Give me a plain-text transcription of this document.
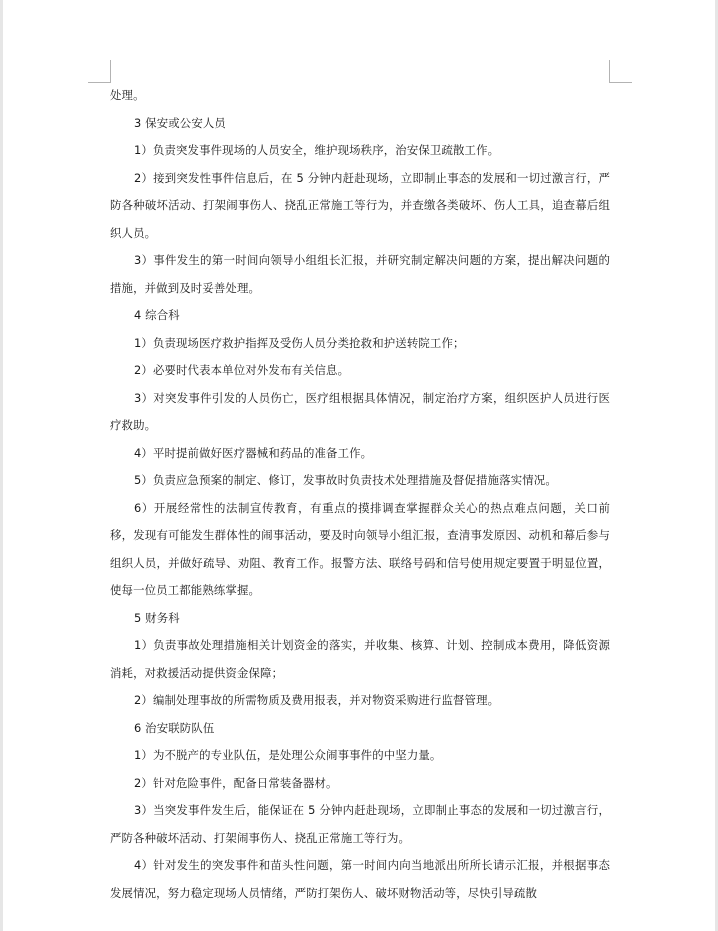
处理。

3 保安或公安人员

1）负责突发事件现场的人员安全，维护现场秩序，治安保卫疏散工作。

2）接到突发性事件信息后，在 5 分钟内赶赴现场，立即制止事态的发展和一切过激言行，严防各种破坏活动、打架闹事伤人、挠乱正常施工等行为，并查缴各类破坏、伤人工具，追查幕后组织人员。

3）事件发生的第一时间向领导小组组长汇报，并研究制定解决问题的方案，提出解决问题的措施，并做到及时妥善处理。

4 综合科

1）负责现场医疗救护指挥及受伤人员分类抢救和护送转院工作；

2）必要时代表本单位对外发布有关信息。

3）对突发事件引发的人员伤亡，医疗组根据具体情况，制定治疗方案，组织医护人员进行医疗救助。

4）平时提前做好医疗器械和药品的准备工作。

5）负责应急预案的制定、修订，发事故时负责技术处理措施及督促措施落实情况。

6）开展经常性的法制宣传教育，有重点的摸排调查掌握群众关心的热点难点问题，关口前移，发现有可能发生群体性的闹事活动，要及时向领导小组汇报，查清事发原因、动机和幕后参与组织人员，并做好疏导、劝阻、教育工作。报警方法、联络号码和信号使用规定要置于明显位置，使每一位员工都能熟练掌握。

5 财务科

1）负责事故处理措施相关计划资金的落实，并收集、核算、计划、控制成本费用，降低资源消耗，对救援活动提供资金保障；

2）编制处理事故的所需物质及费用报表，并对物资采购进行监督管理。

6 治安联防队伍

1）为不脱产的专业队伍，是处理公众闹事事件的中坚力量。

2）针对危险事件，配备日常装备器材。

3）当突发事件发生后，能保证在 5 分钟内赶赴现场，立即制止事态的发展和一切过激言行，严防各种破坏活动、打架闹事伤人、挠乱正常施工等行为。

4）针对发生的突发事件和苗头性问题，第一时间内向当地派出所所长请示汇报，并根据事态发展情况，努力稳定现场人员情绪，严防打架伤人、破坏财物活动等，尽快引导疏散
